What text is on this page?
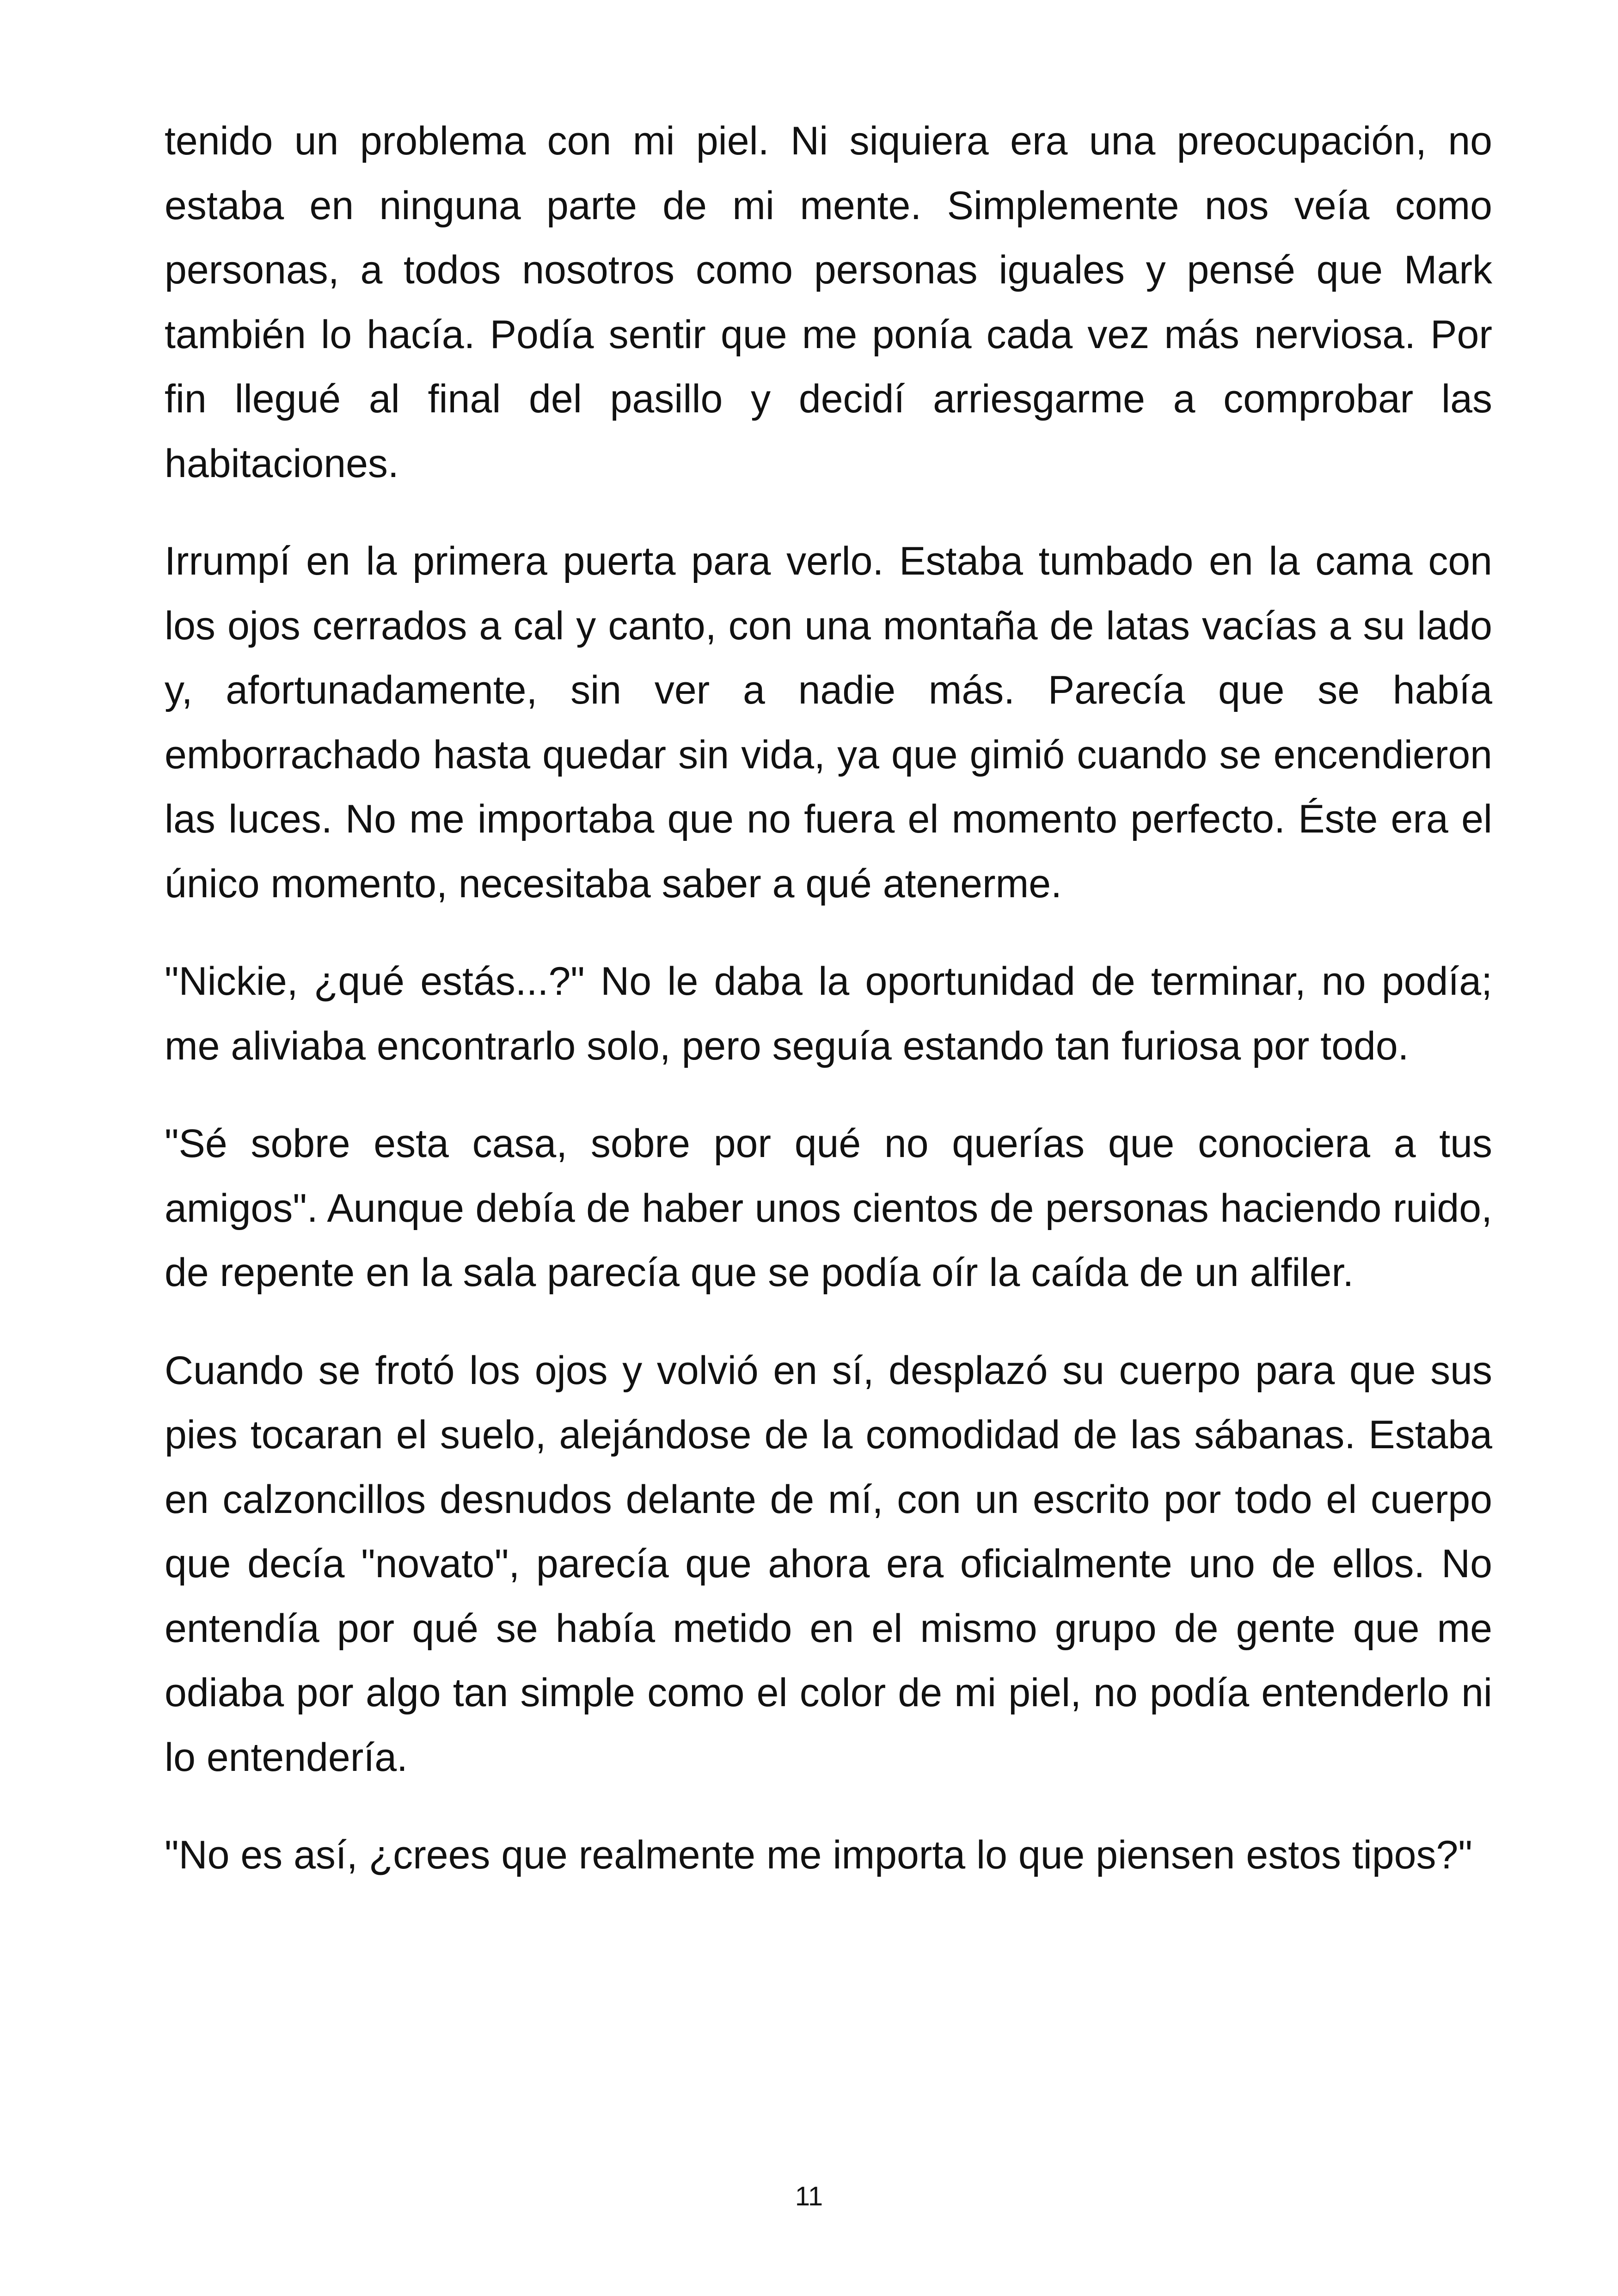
tenido un problema con mi piel. Ni siquiera era una preocupación, no estaba en ninguna parte de mi mente. Simplemente nos veía como personas, a todos nosotros como personas iguales y pensé que Mark también lo hacía. Podía sentir que me ponía cada vez más nerviosa. Por fin llegué al final del pasillo y decidí arriesgarme a comprobar las habitaciones.

Irrumpí en la primera puerta para verlo. Estaba tumbado en la cama con los ojos cerrados a cal y canto, con una montaña de latas vacías a su lado y, afortunadamente, sin ver a nadie más. Parecía que se había emborrachado hasta quedar sin vida, ya que gimió cuando se encendieron las luces. No me importaba que no fuera el momento perfecto. Éste era el único momento, necesitaba saber a qué atenerme.

"Nickie, ¿qué estás...?" No le daba la oportunidad de terminar, no podía; me aliviaba encontrarlo solo, pero seguía estando tan furiosa por todo.

"Sé sobre esta casa, sobre por qué no querías que conociera a tus amigos". Aunque debía de haber unos cientos de personas haciendo ruido, de repente en la sala parecía que se podía oír la caída de un alfiler.

Cuando se frotó los ojos y volvió en sí, desplazó su cuerpo para que sus pies tocaran el suelo, alejándose de la comodidad de las sábanas. Estaba en calzoncillos desnudos delante de mí, con un escrito por todo el cuerpo que decía "novato", parecía que ahora era oficialmente uno de ellos. No entendía por qué se había metido en el mismo grupo de gente que me odiaba por algo tan simple como el color de mi piel, no podía entenderlo ni lo entendería.

"No es así, ¿crees que realmente me importa lo que piensen estos tipos?"

11
